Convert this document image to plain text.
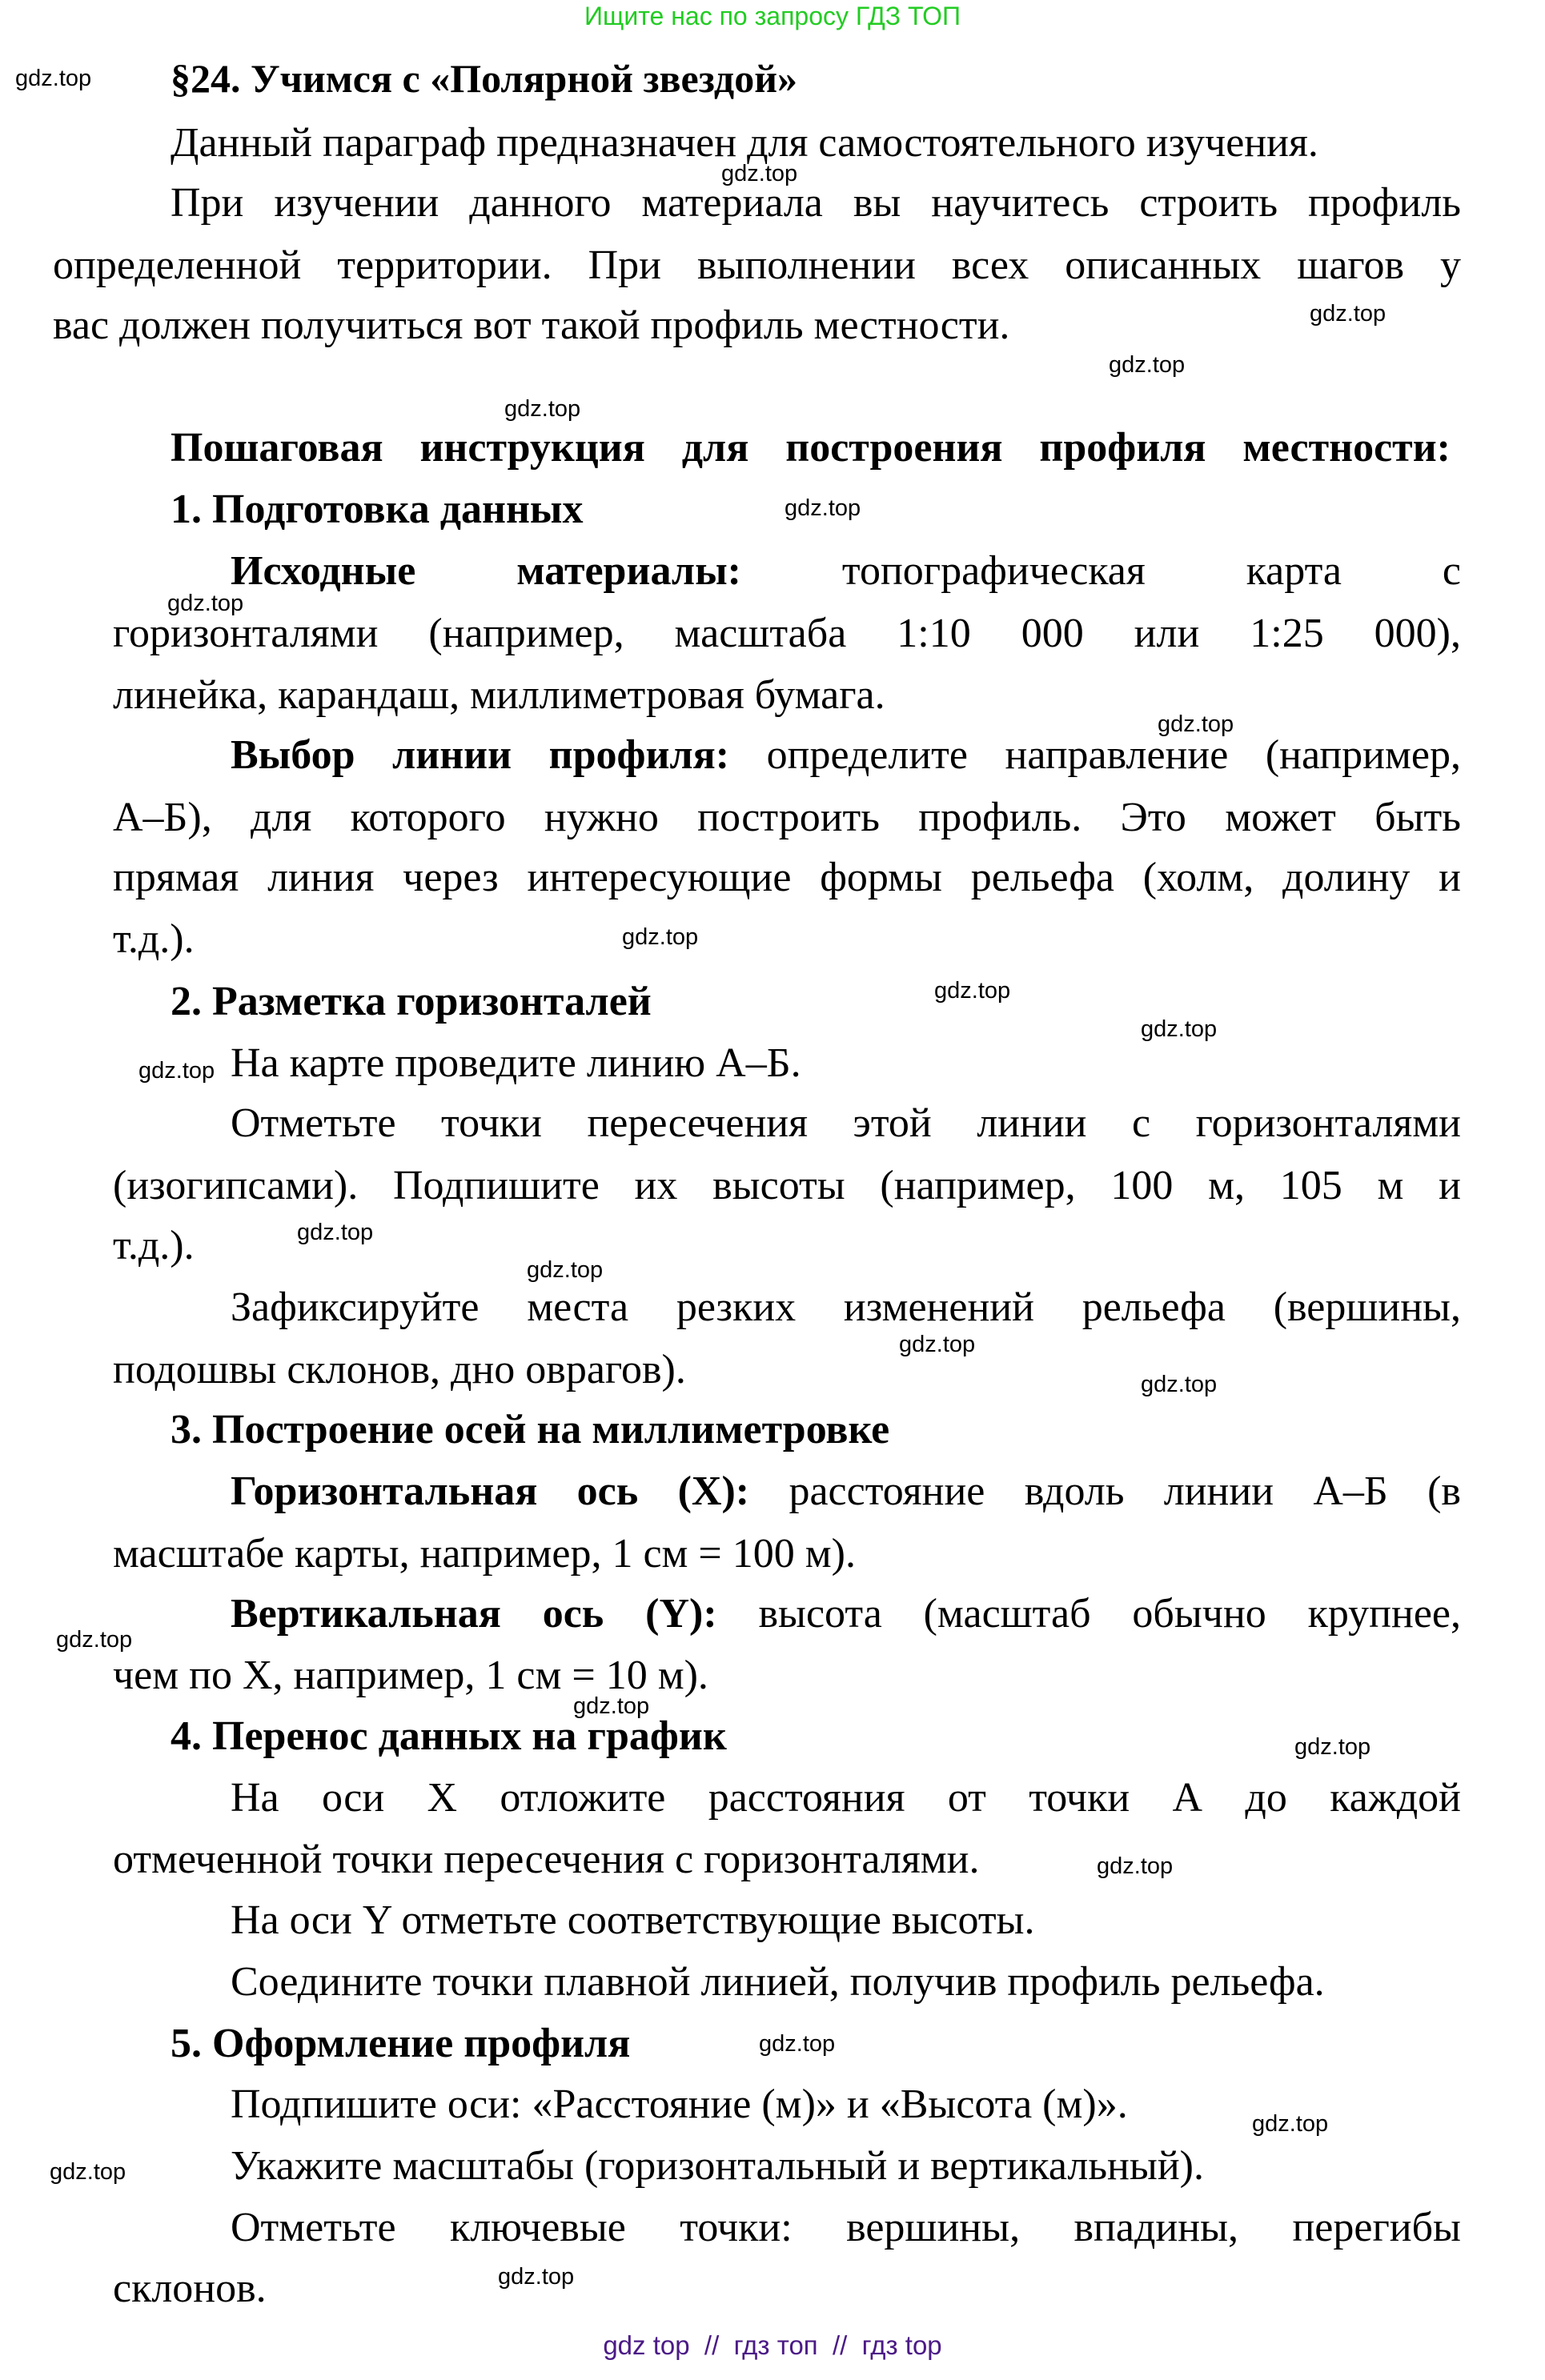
Ищите нас по запросу ГДЗ ТОП
§24. Учимся с «Полярной звездой»
Данный параграф предназначен для самостоятельного изучения.
При изучении данного материала вы научитесь строить профиль
определенной территории. При выполнении всех описанных шагов у
вас должен получиться вот такой профиль местности.
Пошаговая инструкция для построения профиля местности:
1. Подготовка данных
Исходные материалы: топографическая карта с
горизонталями (например, масштаба 1:10 000 или 1:25 000),
линейка, карандаш, миллиметровая бумага.
Выбор линии профиля: определите направление (например,
А–Б), для которого нужно построить профиль. Это может быть
прямая линия через интересующие формы рельефа (холм, долину и
т.д.).
2. Разметка горизонталей
На карте проведите линию А–Б.
Отметьте точки пересечения этой линии с горизонталями
(изогипсами). Подпишите их высоты (например, 100 м, 105 м и
т.д.).
Зафиксируйте места резких изменений рельефа (вершины,
подошвы склонов, дно оврагов).
3. Построение осей на миллиметровке
Горизонтальная ось (X): расстояние вдоль линии А–Б (в
масштабе карты, например, 1 см = 100 м).
Вертикальная ось (Y): высота (масштаб обычно крупнее,
чем по X, например, 1 см = 10 м).
4. Перенос данных на график
На оси X отложите расстояния от точки А до каждой
отмеченной точки пересечения с горизонталями.
На оси Y отметьте соответствующие высоты.
Соедините точки плавной линией, получив профиль рельефа.
5. Оформление профиля
Подпишите оси: «Расстояние (м)» и «Высота (м)».
Укажите масштабы (горизонтальный и вертикальный).
Отметьте ключевые точки: вершины, впадины, перегибы
склонов.
gdz.top
gdz.top
gdz.top
gdz.top
gdz.top
gdz.top
gdz.top
gdz.top
gdz.top
gdz.top
gdz.top
gdz.top
gdz.top
gdz.top
gdz.top
gdz.top
gdz.top
gdz.top
gdz.top
gdz.top
gdz.top
gdz.top
gdz.top
gdz.top
gdz top  //  гдз топ  //  гдз top
